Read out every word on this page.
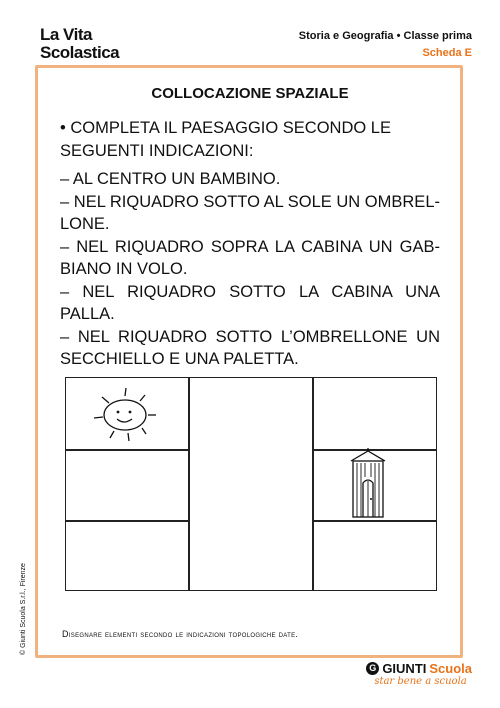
La Vita
Scolastica
Storia e Geografia • Classe prima
Scheda E
COLLOCAZIONE SPAZIALE

• COMPLETA IL PAESAGGIO SECONDO LE SEGUENTI INDICAZIONI:

– AL CENTRO UN BAMBINO.

– NEL RIQUADRO SOTTO AL SOLE UN OMBREL-LONE.

– NEL RIQUADRO SOPRA LA CABINA UN GAB-BIANO IN VOLO.

– NEL RIQUADRO SOTTO LA CABINA UNA PALLA.

– NEL RIQUADRO SOTTO L’OMBRELLONE UN SECCHIELLO E UNA PALETTA.

Disegnare elementi secondo le indicazioni topologiche date.
© Giunti Scuola S.r.l., Firenze
G GIUNTI Scuola
star bene a scuola
